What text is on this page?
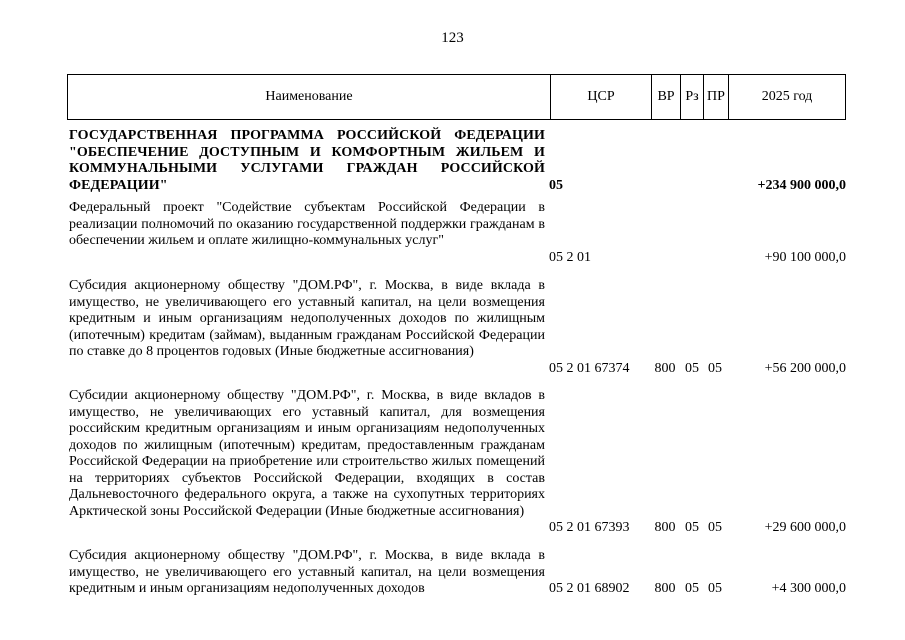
123
Наименование	ЦСР	ВР Рз ПР	2025 год
ГОСУДАРСТВЕННАЯ ПРОГРАММА РОССИЙСКОЙ ФЕДЕРАЦИИ "ОБЕСПЕЧЕНИЕ ДОСТУПНЫМ И КОМФОРТНЫМ ЖИЛЬЕМ И КОММУНАЛЬНЫМИ УСЛУГАМИ ГРАЖДАН РОССИЙСКОЙ ФЕДЕРАЦИИ"	05	+234 900 000,0
Федеральный проект "Содействие субъектам Российской Федерации в реализации полномочий по оказанию государственной поддержки гражданам в обеспечении жильем и оплате жилищно-коммунальных услуг"
05 2 01	+90 100 000,0
Субсидия акционерному обществу "ДОМ.РФ", г. Москва, в виде вклада в имущество, не увеличивающего его уставный капитал, на цели возмещения кредитным и иным организациям недополученных доходов по жилищным (ипотечным) кредитам (займам), выданным гражданам Российской Федерации по ставке до 8 процентов годовых (Иные бюджетные ассигнования)
05 2 01 67374	800 05 05	+56 200 000,0
Субсидии акционерному обществу "ДОМ.РФ", г. Москва, в виде вкладов в имущество, не увеличивающих его уставный капитал, для возмещения российским кредитным организациям и иным организациям недополученных доходов по жилищным (ипотечным) кредитам, предоставленным гражданам Российской Федерации на приобретение или строительство жилых помещений на территориях субъектов Российской Федерации, входящих в состав Дальневосточного федерального округа, а также на сухопутных территориях Арктической зоны Российской Федерации (Иные бюджетные ассигнования)
05 2 01 67393	800 05 05	+29 600 000,0
Субсидия акционерному обществу "ДОМ.РФ", г. Москва, в виде вклада в имущество, не увеличивающего его уставный капитал, на цели возмещения кредитным и иным организациям недополученных доходов	05 2 01 68902	800 05 05	+4 300 000,0
